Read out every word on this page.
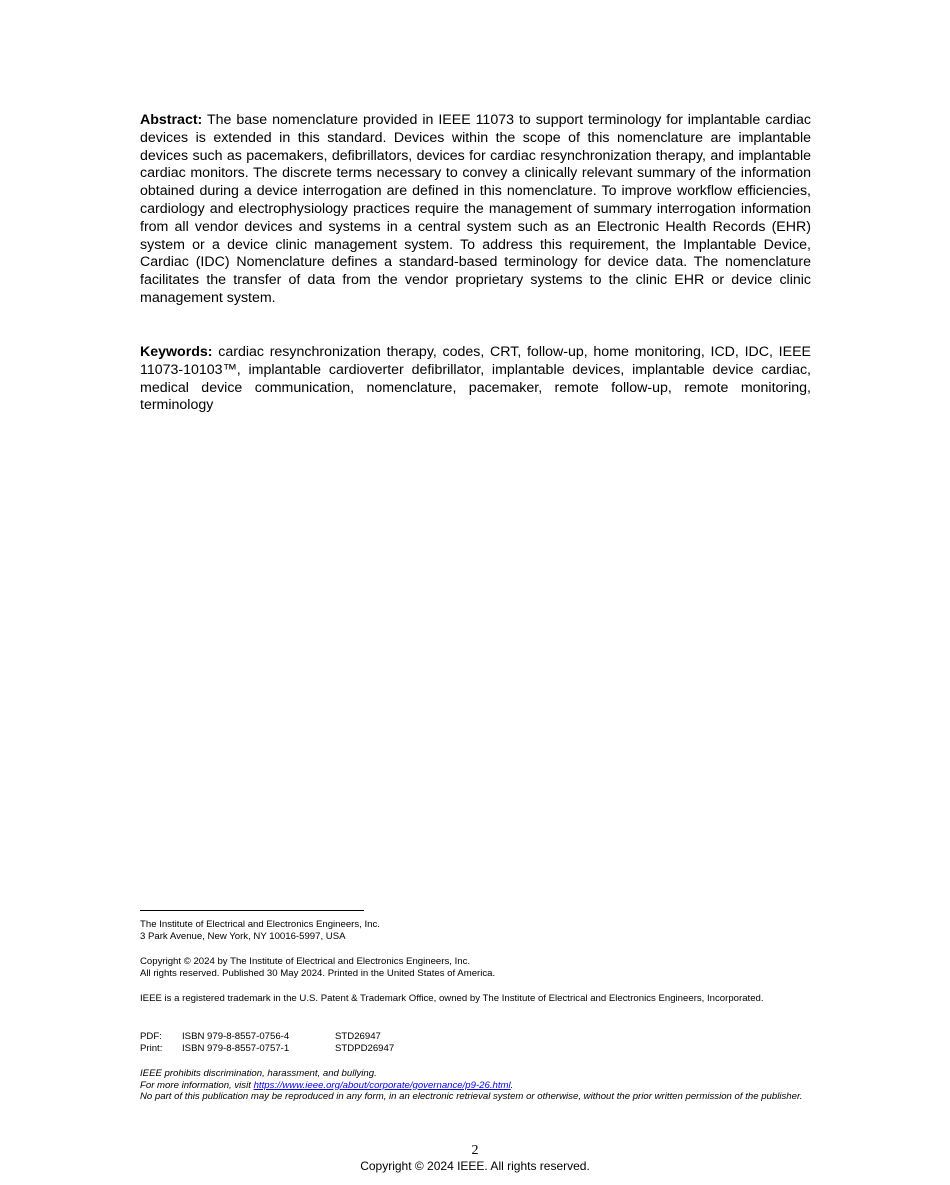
Abstract: The base nomenclature provided in IEEE 11073 to support terminology for implantable cardiac devices is extended in this standard. Devices within the scope of this nomenclature are implantable devices such as pacemakers, defibrillators, devices for cardiac resynchronization therapy, and implantable cardiac monitors. The discrete terms necessary to convey a clinically relevant summary of the information obtained during a device interrogation are defined in this nomenclature. To improve workflow efficiencies, cardiology and electrophysiology practices require the management of summary interrogation information from all vendor devices and systems in a central system such as an Electronic Health Records (EHR) system or a device clinic management system. To address this requirement, the Implantable Device, Cardiac (IDC) Nomenclature defines a standard-based terminology for device data. The nomenclature facilitates the transfer of data from the vendor proprietary systems to the clinic EHR or device clinic management system.
Keywords: cardiac resynchronization therapy, codes, CRT, follow-up, home monitoring, ICD, IDC, IEEE 11073-10103™, implantable cardioverter defibrillator, implantable devices, implantable device cardiac, medical device communication, nomenclature, pacemaker, remote follow-up, remote monitoring, terminology
The Institute of Electrical and Electronics Engineers, Inc.
3 Park Avenue, New York, NY 10016-5997, USA
Copyright © 2024 by The Institute of Electrical and Electronics Engineers, Inc.
All rights reserved. Published 30 May 2024. Printed in the United States of America.
IEEE is a registered trademark in the U.S. Patent & Trademark Office, owned by The Institute of Electrical and Electronics Engineers, Incorporated.
PDF:	ISBN 979-8-8557-0756-4	STD26947
Print:	ISBN 979-8-8557-0757-1	STDPD26947
IEEE prohibits discrimination, harassment, and bullying.
For more information, visit https://www.ieee.org/about/corporate/governance/p9-26.html.
No part of this publication may be reproduced in any form, in an electronic retrieval system or otherwise, without the prior written permission of the publisher.
2
Copyright © 2024 IEEE. All rights reserved.
